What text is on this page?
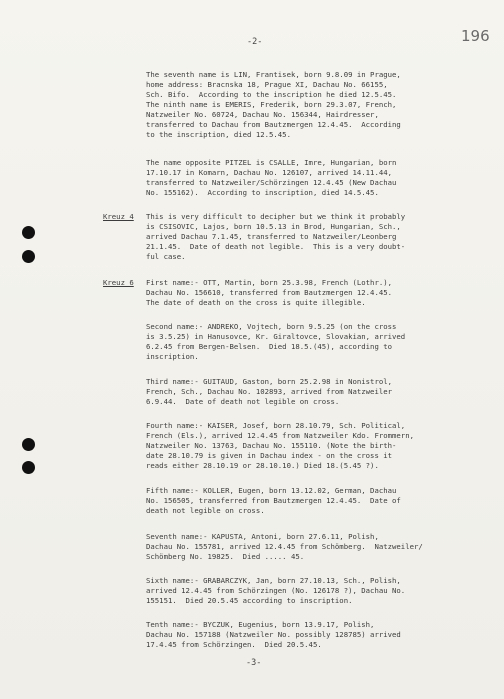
196
-2-
The seventh name is LIN, Frantisek, born 9.8.09 in Prague,
home address: Bracnska 18, Prague XI, Dachau No. 66155,
Sch. Bifo.  According to the inscription he died 12.5.45.
The ninth name is EMERIS, Frederik, born 29.3.07, French,
Natzweiler No. 60724, Dachau No. 156344, Hairdresser,
transferred to Dachau from Bautzmergen 12.4.45.  According
to the inscription, died 12.5.45.
The name opposite PITZEL is CSALLE, Imre, Hungarian, born
17.10.17 in Komarn, Dachau No. 126107, arrived 14.11.44,
transferred to Natzweiler/Schörzingen 12.4.45 (New Dachau
No. 155162).  According to inscription, died 14.5.45.
Kreuz 4 This is very difficult to decipher but we think it probably
is CSISOVIC, Lajos, born 10.5.13 in Brod, Hungarian, Sch.,
arrived Dachau 7.1.45, transferred to Natzweiler/Leonberg
21.1.45.  Date of death not legible.  This is a very doubt-
ful case.
Kreuz 6 First name:- OTT, Martin, born 25.3.98, French (Lothr.),
Dachau No. 156610, transferred from Bautzmergen 12.4.45.
The date of death on the cross is quite illegible.
Second name:- ANDREKO, Vojtech, born 9.5.25 (on the cross
is 3.5.25) in Hanusovce, Kr. Giraltovce, Slovakian, arrived
6.2.45 from Bergen-Belsen.  Died 18.5.(45), according to
inscription.
Third name:- GUITAUD, Gaston, born 25.2.98 in Nonistrol,
French, Sch., Dachau No. 102893, arrived from Natzweiler
6.9.44.  Date of death not legible on cross.
Fourth name:- KAISER, Josef, born 28.10.79, Sch. Political,
French (Els.), arrived 12.4.45 from Natzweiler Kdo. Frommern,
Natzweiler No. 13763, Dachau No. 155110. (Note the birth-
date 28.10.79 is given in Dachau index - on the cross it
reads either 28.10.19 or 28.10.10.) Died 18.(5.45 ?).
Fifth name:- KOLLER, Eugen, born 13.12.02, German, Dachau
No. 156505, transferred from Bautzmergen 12.4.45.  Date of
death not legible on cross.
Seventh name:- KAPUSTA, Antoni, born 27.6.11, Polish,
Dachau No. 155781, arrived 12.4.45 from Schömberg.  Natzweiler/
Schömberg No. 19825.  Died ..... 45.
Sixth name:- GRABARCZYK, Jan, born 27.10.13, Sch., Polish,
arrived 12.4.45 from Schörzingen (No. 126178 ?), Dachau No.
155151.  Died 20.5.45 according to inscription.
Tenth name:- BYCZUK, Eugenius, born 13.9.17, Polish,
Dachau No. 157188 (Natzweiler No. possibly 128785) arrived
17.4.45 from Schörzingen.  Died 20.5.45.
-3-
